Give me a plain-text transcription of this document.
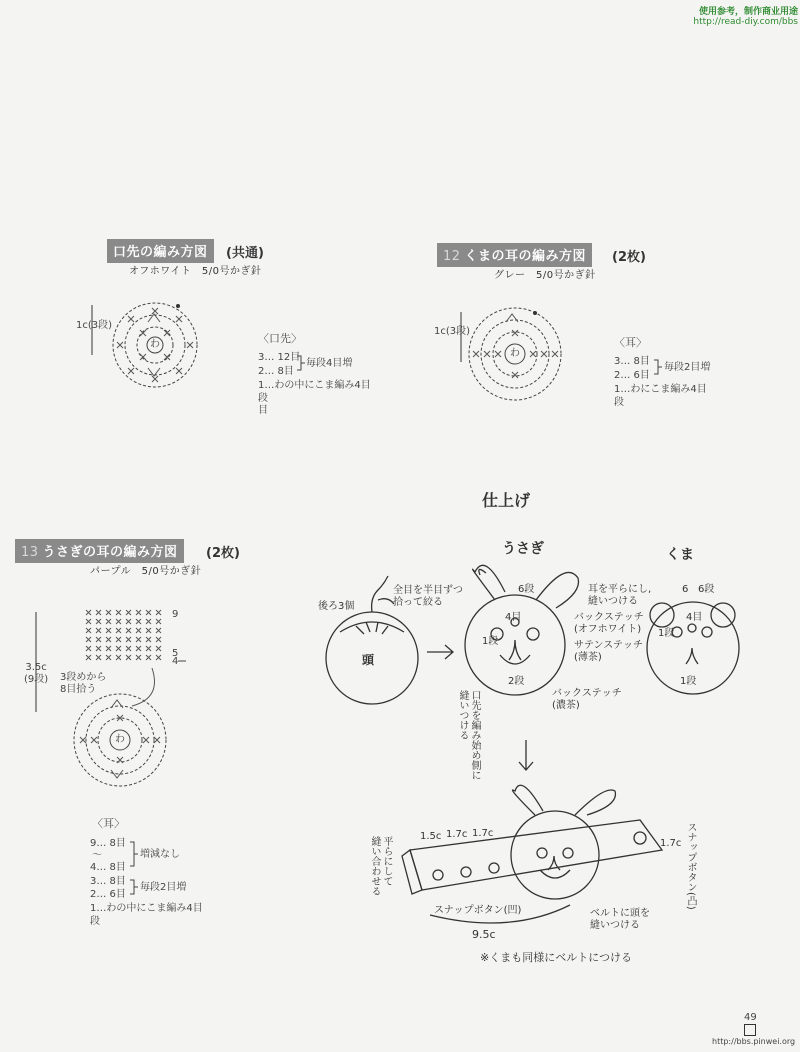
使用参考，制作商业用途
http://read-diy.com/bbs
口先の編み方図	(共通)
オフホワイト　5/0号かぎ針
1c(3段)
わ	〈口先〉
3… 12目
2… 8目
1…わの中にこま編み4目
段
目
毎段4目増
12 くまの耳の編み方図	(2枚)
グレー　5/0号かぎ針
1c(3段)
わ
〈耳〉
3… 8目
2… 6目
1…わにこま編み4目
段
毎段2目増
13 うさぎの耳の編み方図	(2枚)
パープル　5/0号かぎ針
3.5c
(9段)
9
5
4
3段めから
8目拾う
わ
〈耳〉
9… 8目
〜
4… 8目
3… 8目
2… 6目
1…わの中にこま編み4目
段
増減なし
毎段2目増
仕上げ
うさぎ	くま
頭
後ろ3個
全目を半目ずつ
拾って絞る
6段	6段
6
耳を平らにし,
縫いつける
4目	4目
1段
1段
2段	1段
バックステッチ
(オフホワイト)
サテンステッチ
(薄茶)
バックステッチ
(濃茶)
口先を編み始め側に
縫いつける
1.5c 1.7c 1.7c
1.7c
平らにして
縫い合わせる
スナップボタン(凹)
スナップボタン(凸)
ベルトに頭を
縫いつける
9.5c
※くまも同様にベルトにつける
49
http://bbs.pinwei.org
